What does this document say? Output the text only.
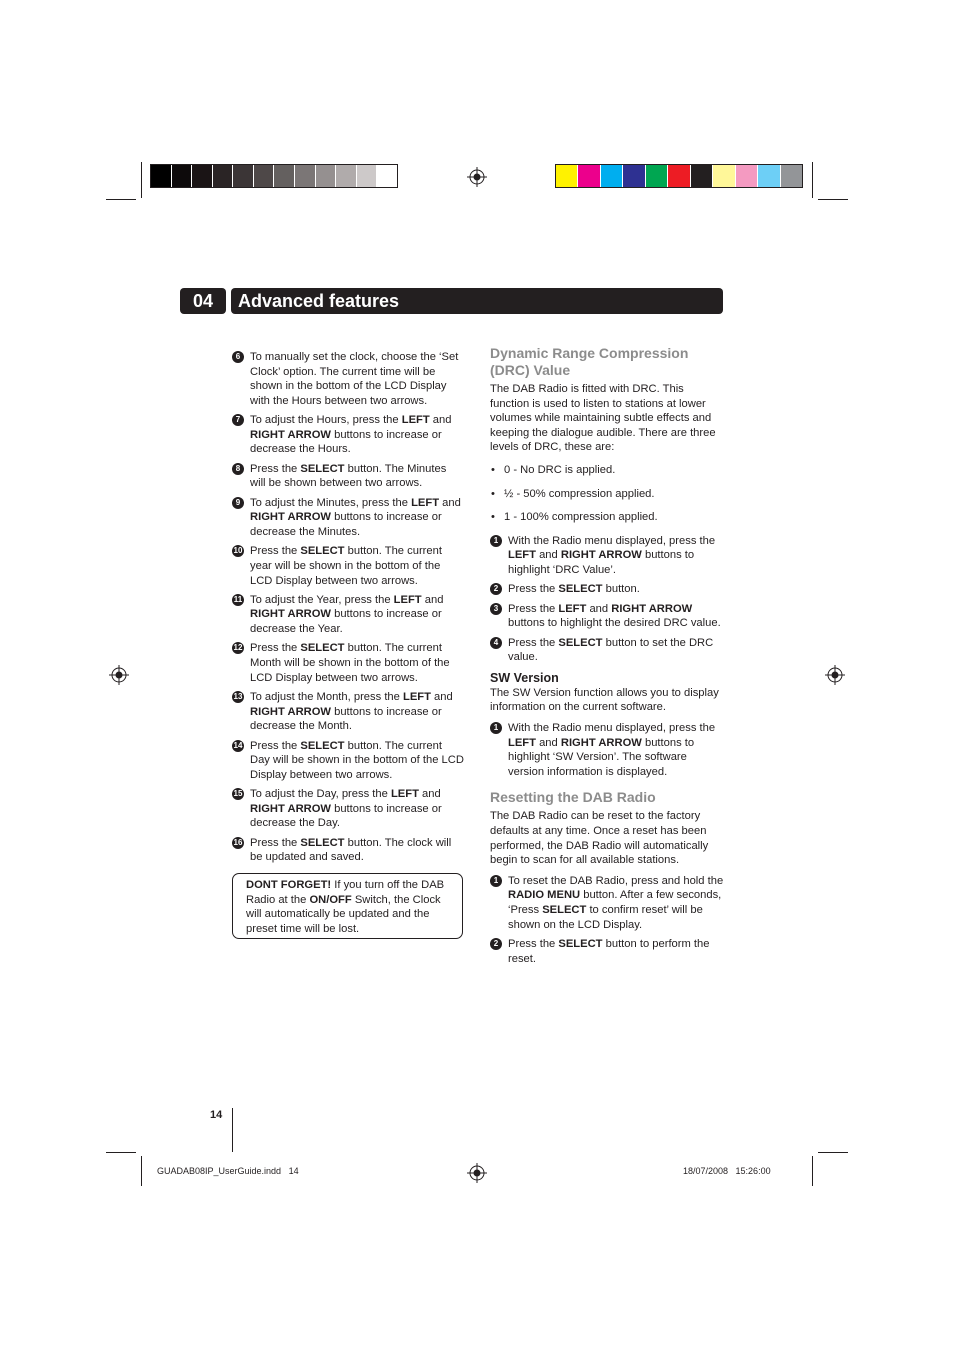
04	Advanced features
6 To manually set the clock, choose the ‘Set Clock’ option. The current time will be shown in the bottom of the LCD Display with the Hours between two arrows.
7 To adjust the Hours, press the LEFT and RIGHT ARROW buttons to increase or decrease the Hours.
8 Press the SELECT button. The Minutes will be shown between two arrows.
9 To adjust the Minutes, press the LEFT and RIGHT ARROW buttons to increase or decrease the Minutes.
10 Press the SELECT button. The current year will be shown in the bottom of the LCD Display between two arrows.
11 To adjust the Year, press the LEFT and RIGHT ARROW buttons to increase or decrease the Year.
12 Press the SELECT button. The current Month will be shown in the bottom of the LCD Display between two arrows.
13 To adjust the Month, press the LEFT and RIGHT ARROW buttons to increase or decrease the Month.
14 Press the SELECT button. The current Day will be shown in the bottom of the LCD Display between two arrows.
15 To adjust the Day, press the LEFT and RIGHT ARROW buttons to increase or decrease the Day.
16 Press the SELECT button. The clock will be updated and saved.
DONT FORGET! If you turn off the DAB Radio at the ON/OFF Switch, the Clock will automatically be updated and the preset time will be lost.
Dynamic Range Compression (DRC) Value
The DAB Radio is fitted with DRC. This function is used to listen to stations at lower volumes while maintaining subtle effects and keeping the dialogue audible. There are three levels of DRC, these are:
• 0 - No DRC is applied.
• ½ - 50% compression applied.
• 1 - 100% compression applied.
1 With the Radio menu displayed, press the LEFT and RIGHT ARROW buttons to highlight ‘DRC Value’.
2 Press the SELECT button.
3 Press the LEFT and RIGHT ARROW buttons to highlight the desired DRC value.
4 Press the SELECT button to set the DRC value.
SW Version
The SW Version function allows you to display information on the current software.
1 With the Radio menu displayed, press the LEFT and RIGHT ARROW buttons to highlight ‘SW Version’. The software version information is displayed.
Resetting the DAB Radio
The DAB Radio can be reset to the factory defaults at any time. Once a reset has been performed, the DAB Radio will automatically begin to scan for all available stations.
1 To reset the DAB Radio, press and hold the RADIO MENU button. After a few seconds, ‘Press SELECT to confirm reset’ will be shown on the LCD Display.
2 Press the SELECT button to perform the reset.
14
GUADAB08IP_UserGuide.indd   14	18/07/2008   15:26:00
